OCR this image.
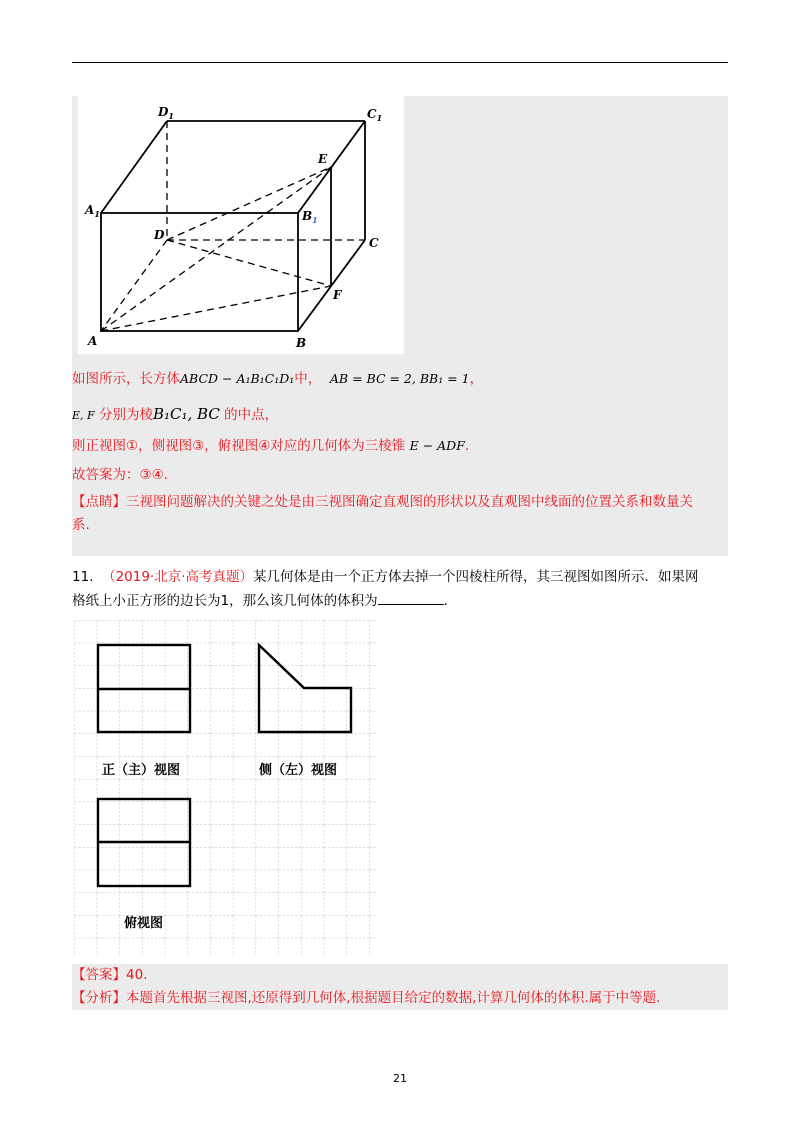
$D_1$	$C_1$
$A_1$	$B_1$
D
C
E
F
A	B
如图所示，长方体ABCD − A₁B₁C₁D₁中， AB = BC = 2, BB₁ = 1，
E, F 分别为棱B₁C₁, BC 的中点，
则正视图①，侧视图③，俯视图④对应的几何体为三棱锥 E − ADF.
故答案为：③④.
【点睛】三视图问题解决的关键之处是由三视图确定直观图的形状以及直观图中线面的位置关系和数量关
系.
11. （2019·北京·高考真题）某几何体是由一个正方体去掉一个四棱柱所得，其三视图如图所示．如果网
格纸上小正方形的边长为1，那么该几何体的体积为	.
正（主）视图	侧（左）视图
俯视图
【答案】40.
【分析】本题首先根据三视图,还原得到几何体,根据题目给定的数据,计算几何体的体积.属于中等题.
21
